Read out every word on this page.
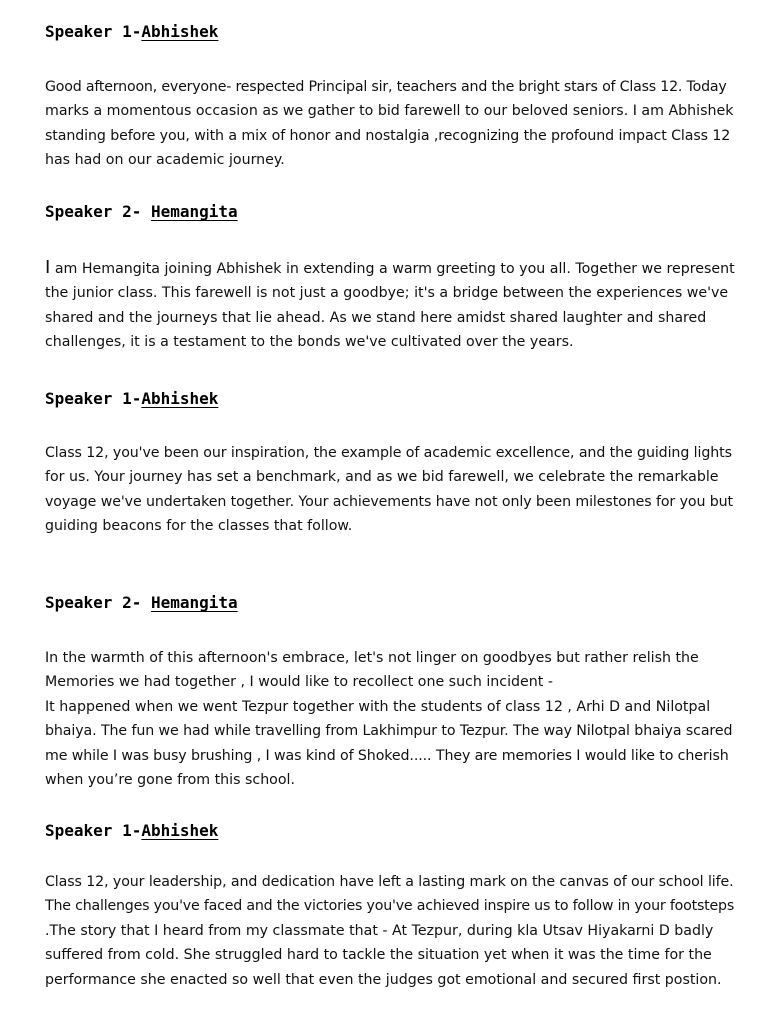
Speaker 1-Abhishek
Good afternoon, everyone- respected Principal sir, teachers and the bright stars of Class 12. Today
marks a momentous occasion as we gather to bid farewell to our beloved seniors. I am Abhishek
standing before you, with a mix of honor and nostalgia ,recognizing the profound impact Class 12
has had on our academic journey.
Speaker 2- Hemangita
I am Hemangita joining Abhishek in extending a warm greeting to you all. Together we represent
the junior class. This farewell is not just a goodbye; it's a bridge between the experiences we've
shared and the journeys that lie ahead. As we stand here amidst shared laughter and shared
challenges, it is a testament to the bonds we've cultivated over the years.
Speaker 1-Abhishek
Class 12, you've been our inspiration, the example of academic excellence, and the guiding lights
for us. Your journey has set a benchmark, and as we bid farewell, we celebrate the remarkable
voyage we've undertaken together. Your achievements have not only been milestones for you but
guiding beacons for the classes that follow.
Speaker 2- Hemangita
In the warmth of this afternoon's embrace, let's not linger on goodbyes but rather relish the
Memories we had together , I would like to recollect one such incident -
It happened when we went Tezpur together with the students of class 12 , Arhi D and Nilotpal
bhaiya. The fun we had while travelling from Lakhimpur to Tezpur. The way Nilotpal bhaiya scared
me while I was busy brushing , I was kind of Shoked..... They are memories I would like to cherish
when you’re gone from this school.
Speaker 1-Abhishek
Class 12, your leadership, and dedication have left a lasting mark on the canvas of our school life.
The challenges you've faced and the victories you've achieved inspire us to follow in your footsteps
.The story that I heard from my classmate that - At Tezpur, during kla Utsav Hiyakarni D badly
suffered from cold. She struggled hard to tackle the situation yet when it was the time for the
performance she enacted so well that even the judges got emotional and secured first postion.
